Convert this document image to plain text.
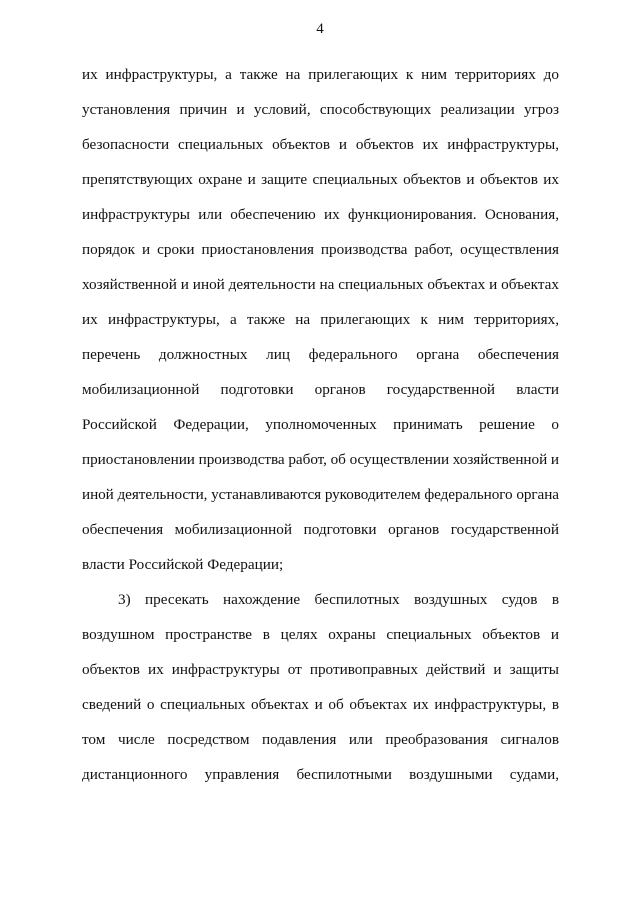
4
их инфраструктуры, а также на прилегающих к ним территориях до
установления причин и условий, способствующих реализации угроз
безопасности специальных объектов и объектов их инфраструктуры,
препятствующих охране и защите специальных объектов и объектов их
инфраструктуры или обеспечению их функционирования. Основания,
порядок и сроки приостановления производства работ, осуществления
хозяйственной и иной деятельности на специальных объектах и объектах
их инфраструктуры, а также на прилегающих к ним территориях,
перечень должностных лиц федерального органа обеспечения
мобилизационной подготовки органов государственной власти
Российской Федерации, уполномоченных принимать решение о
приостановлении производства работ, об осуществлении хозяйственной и
иной деятельности, устанавливаются руководителем федерального органа
обеспечения мобилизационной подготовки органов государственной
власти Российской Федерации;
3) пресекать нахождение беспилотных воздушных судов в
воздушном пространстве в целях охраны специальных объектов и
объектов их инфраструктуры от противоправных действий и защиты
сведений о специальных объектах и об объектах их инфраструктуры, в
том числе посредством подавления или преобразования сигналов
дистанционного управления беспилотными воздушными судами,
